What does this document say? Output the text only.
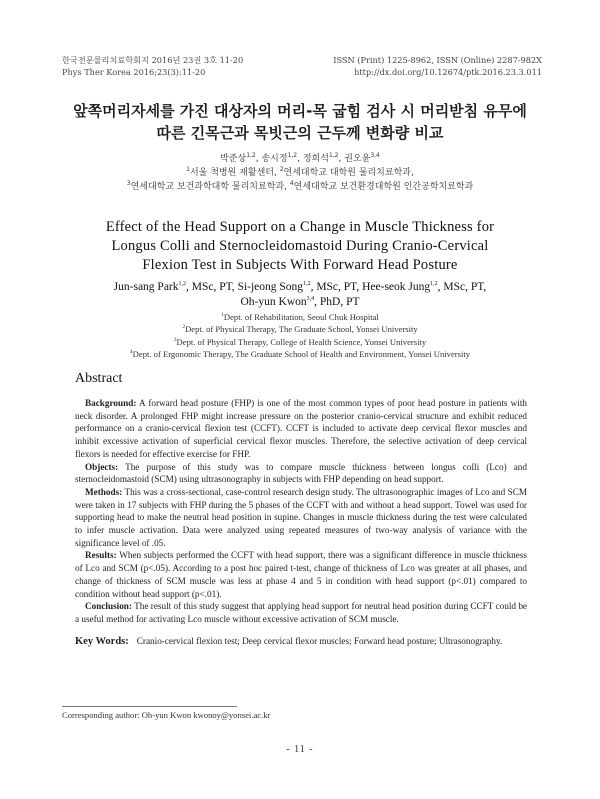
한국전문물리치료학회지 2016년 23권 3호 11-20
Phys Ther Korea 2016;23(3):11-20
ISSN (Print) 1225-8962, ISSN (Online) 2287-982X
http://dx.doi.org/10.12674/ptk.2016.23.3.011
앞쪽머리자세를 가진 대상자의 머리-목 굽힘 검사 시 머리받침 유무에
따른 긴목근과 목빗근의 근두께 변화량 비교
박준상$^{1,2}$, 송시정$^{1,2}$, 정희석$^{1,2}$, 권오윤$^{3,4}$
$^1$서울 척병원 재활센터, $^2$연세대학교 대학원 물리치료학과,
$^3$연세대학교 보건과학대학 물리치료학과, $^4$연세대학교 보건환경대학원 인간공학치료학과
Effect of the Head Support on a Change in Muscle Thickness for
Longus Colli and Sternocleidomastoid During Cranio-Cervical
Flexion Test in Subjects With Forward Head Posture
Jun-sang Park$^{1,2}$, MSc, PT, Si-jeong Song$^{1,2}$, MSc, PT, Hee-seok Jung$^{1,2}$, MSc, PT,
Oh-yun Kwon$^{3,4}$, PhD, PT
$^1$Dept. of Rehabilitation, Seoul Chuk Hospital
$^2$Dept. of Physical Therapy, The Graduate School, Yonsei University
$^3$Dept. of Physical Therapy, College of Health Science, Yonsei University
$^4$Dept. of Ergonomic Therapy, The Graduate School of Health and Environment, Yonsei University
Abstract

Background: A forward head posture (FHP) is one of the most common types of poor head posture in patients with neck disorder. A prolonged FHP might increase pressure on the posterior cranio-cervical structure and exhibit reduced performance on a cranio-cervical flexion test (CCFT). CCFT is included to activate deep cervical flexor muscles and inhibit excessive activation of superficial cervical flexor muscles. Therefore, the selective activation of deep cervical flexors is needed for effective exercise for FHP.

Objects: The purpose of this study was to compare muscle thickness between longus colli (Lco) and sternocleidomastoid (SCM) using ultrasonography in subjects with FHP depending on head support.

Methods: This was a cross-sectional, case-control research design study. The ultrasonographic images of Lco and SCM were taken in 17 subjects with FHP during the 5 phases of the CCFT with and without a head support. Towel was used for supporting head to make the neutral head position in supine. Changes in muscle thickness during the test were calculated to infer muscle activation. Data were analyzed using repeated measures of two-way analysis of variance with the significance level of .05.

Results: When subjects performed the CCFT with head support, there was a significant difference in muscle thickness of Lco and SCM (p<.05). According to a post hoc paired t-test, change of thickness of Lco was greater at all phases, and change of thickness of SCM muscle was less at phase 4 and 5 in condition with head support (p<.01) compared to condition without head support (p<.01).

Conclusion: The result of this study suggest that applying head support for neutral head position during CCFT could be a useful method for activating Lco muscle without excessive activation of SCM muscle.

Key Words: Cranio-cervical flexion test; Deep cervical flexor muscles; Forward head posture; Ultrasonography.
Corresponding author: Oh-yun Kwon kwonoy@yonsei.ac.kr
- 11 -
